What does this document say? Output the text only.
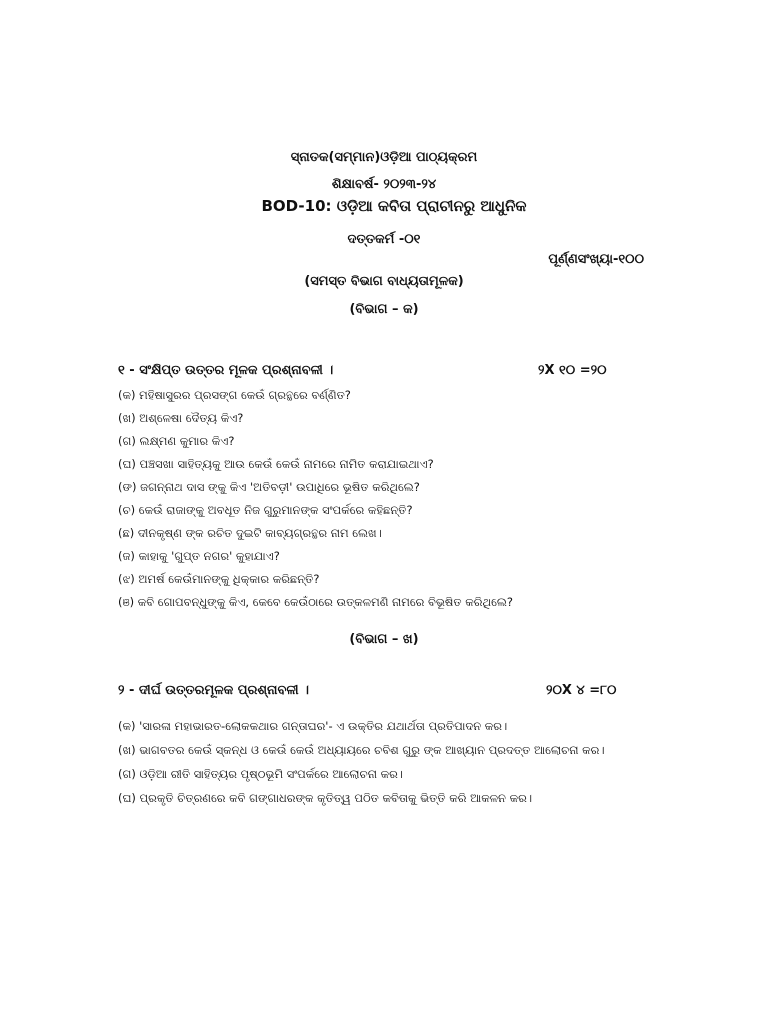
ସ୍ନାତକ(ସମ୍ମାନ)ଓଡ଼ିଆ ପାଠ୍ୟକ୍ରମ
ଶିକ୍ଷାବର୍ଷ- ୨୦୨୩-୨୪
BOD-10: ଓଡ଼ିଆ କବିତା ପ୍ରାଚୀନରୁ ଆଧୁନିକ
ଦତ୍ତକର୍ମ -୦୧
ପୂର୍ଣ୍ଣସଂଖ୍ୟା-୧୦୦
(ସମସ୍ତ ବିଭାଗ ବାଧ୍ୟତାମୂଳକ)
(ବିଭାଗ – କ)
୧ - ସଂକ୍ଷିପ୍ତ ଉତ୍ତର ମୂଳକ ପ୍ରଶ୍ନାବଳୀ ।	୨X ୧୦ =୨୦
(କ) ମହିଷାସୁରର ପ୍ରସଙ୍ଗ କେଉଁ ଗ୍ରନ୍ଥରେ ବର୍ଣ୍ଣିତ?
(ଖ) ଅଶ୍ଳେଷା ଦୈତ୍ୟ କିଏ?
(ଗ) ଲକ୍ଷ୍ମଣ କୁମାର କିଏ?
(ଘ) ପଞ୍ଚସଖା ସାହିତ୍ୟକୁ ଆଉ କେଉଁ କେଉଁ ନାମରେ ନାମିତ କରାଯାଇଥାଏ?
(ଙ) ଜଗନ୍ନାଥ ଦାସ ଙ୍କୁ କିଏ 'ଅତିବଡ଼ୀ' ଉପାଧିରେ ଭୂଷିତ କରିଥିଲେ?
(ଚ) କେଉଁ ରାଜାଙ୍କୁ ଅବଧୂତ ନିଜ ଗୁରୁମାନଙ୍କ ସଂପର୍କରେ କହିଛନ୍ତି?
(ଛ) ଦୀନକୃଷ୍ଣ ଙ୍କ ରଚିତ ଦୁଇଟି କାବ୍ୟଗ୍ରନ୍ଥର ନାମ ଲେଖ।
(ଜ) କାହାକୁ 'ଗୁପ୍ତ ନଗର' କୁହାଯାଏ?
(ଝ) ଅମର୍ଷ କେଉଁମାନଙ୍କୁ ଧିକ୍କାର କରିଛନ୍ତି?
(ଞ) କବି ଗୋପବନ୍ଧୁଙ୍କୁ କିଏ, କେବେ କେଉଁଠାରେ ଉତ୍କଳମଣି ନାମରେ ବିଭୂଷିତ କରିଥିଲେ?
(ବିଭାଗ – ଖ)
୨ - ଦୀର୍ଘ ଉତ୍ତରମୂଳକ ପ୍ରଶ୍ନାବଳୀ ।	୨୦X ୪ =୮୦
(କ) 'ସାରଳା ମହାଭାରତ-ଲୋକକଥାର ଗନ୍ତାଘର'- ଏ ଉକ୍ତିର ଯଥାର୍ଥତା ପ୍ରତିପାଦନ କର।
(ଖ) ଭାଗବତର କେଉଁ ସ୍କନ୍ଧ ଓ କେଉଁ କେଉଁ ଅଧ୍ୟାୟରେ ଚବିଶ ଗୁରୁ ଙ୍କ ଆଖ୍ୟାନ ପ୍ରଦତ୍ତ ଆଲୋଚନା କର।
(ଗ) ଓଡ଼ିଆ ରୀତି ସାହିତ୍ୟର ପୃଷ୍ଠଭୂମି ସଂପର୍କରେ ଆଲୋଚନା କର।
(ଘ) ପ୍ରକୃତି ଚିତ୍ରଣରେ କବି ଗଙ୍ଗାଧରଙ୍କ କୃତିତ୍ୱ ପଠିତ କବିତାକୁ ଭିତ୍ତି କରି ଆକଳନ କର।
